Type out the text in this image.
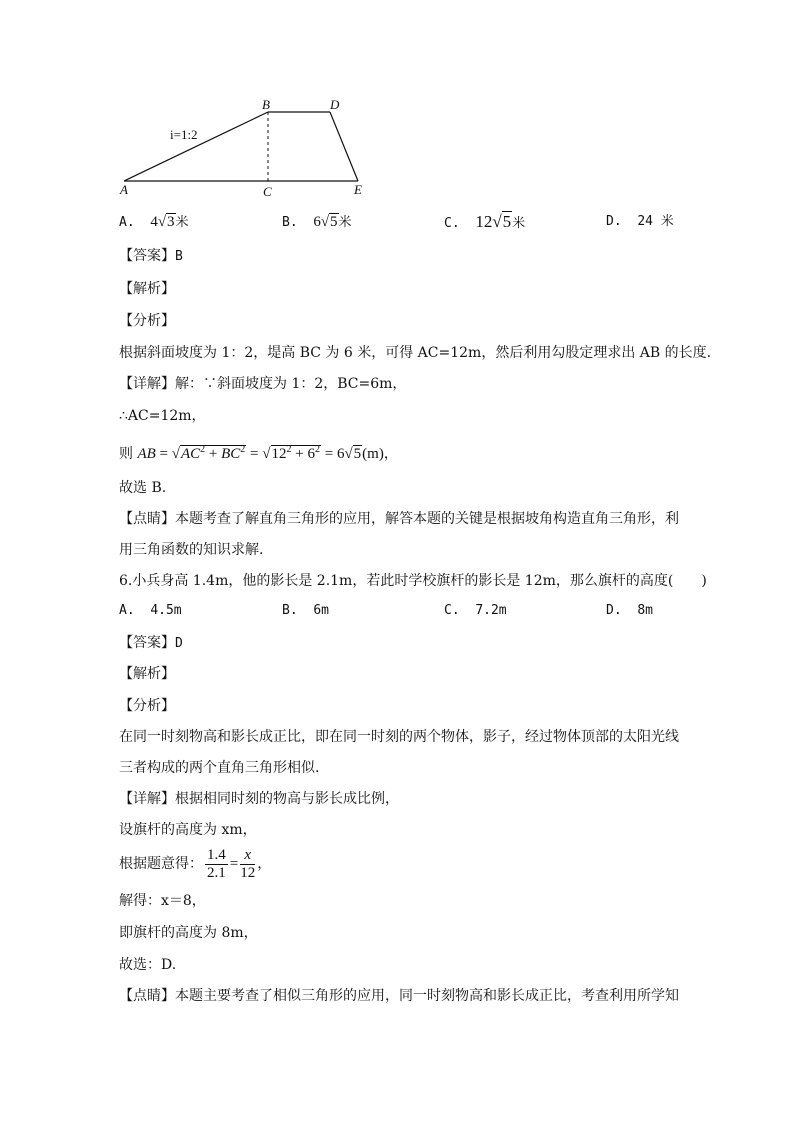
B	D
A	C	E
i=1:2
A. 4√3米	B. 6√5米	C. 12√5米	D. 24 米
【答案】B
【解析】
【分析】
根据斜面坡度为 1：2，堤高 BC 为 6 米，可得 AC=12m，然后利用勾股定理求出 AB 的长度.
【详解】解：∵斜面坡度为 1：2，BC=6m，
∴AC=12m，
则 AB = $√AC^2 + BC^2 = √12^2 + 6^2 = 6√5(m)$，
故选 B.
【点睛】本题考查了解直角三角形的应用，解答本题的关键是根据坡角构造直角三角形，利
用三角函数的知识求解.
6.小兵身高 1.4m，他的影长是 2.1m，若此时学校旗杆的影长是 12m，那么旗杆的高度(　　)
A. 4.5m	B. 6m	C. 7.2m	D. 8m
【答案】D
【解析】
【分析】
在同一时刻物高和影长成正比，即在同一时刻的两个物体，影子，经过物体顶部的太阳光线
三者构成的两个直角三角形相似.
【详解】根据相同时刻的物高与影长成比例，
设旗杆的高度为 xm，
根据题意得： $\frac{1.4}{2.1} = \frac{x}{12}$ ，
解得：x＝8，
即旗杆的高度为 8m，
故选：D.
【点睛】本题主要考查了相似三角形的应用，同一时刻物高和影长成正比，考查利用所学知
